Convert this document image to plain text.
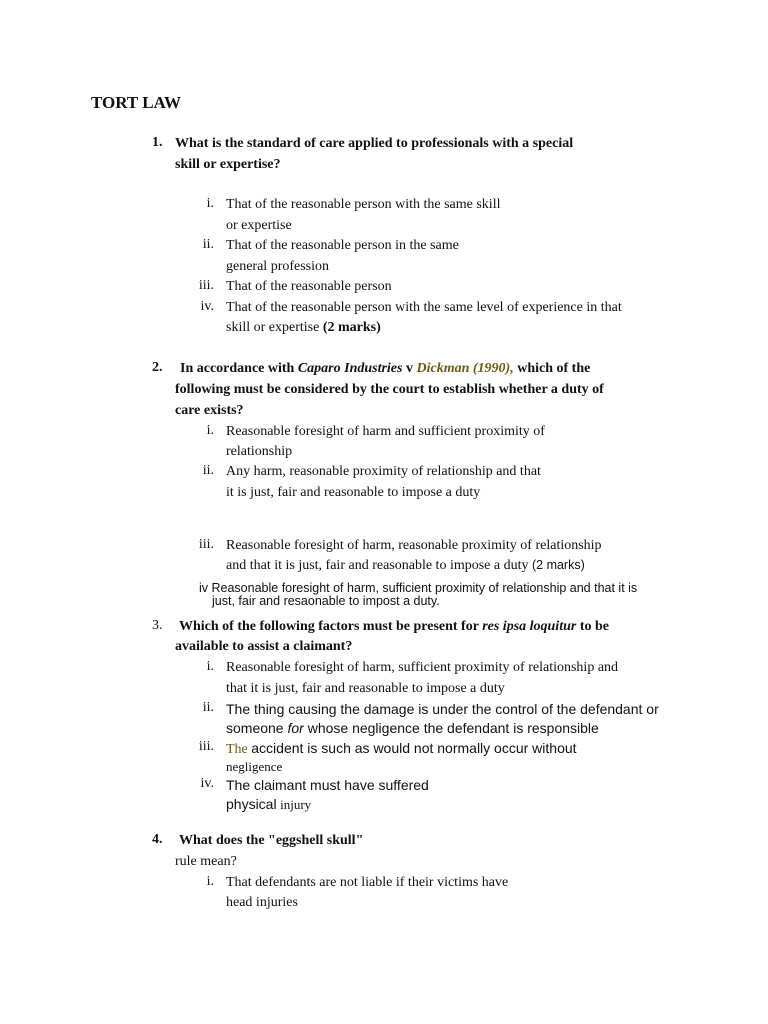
TORT LAW
1. What is the standard of care applied to professionals with a special
skill or expertise?
i. That of the reasonable person with the same skill
or expertise
ii. That of the reasonable person in the same
general profession
iii. That of the reasonable person
iv. That of the reasonable person with the same level of experience in that
skill or expertise (2 marks)
2. In accordance with Caparo Industries v Dickman (1990), which of the
following must be considered by the court to establish whether a duty of
care exists?
i. Reasonable foresight of harm and sufficient proximity of
relationship
ii. Any harm, reasonable proximity of relationship and that
it is just, fair and reasonable to impose a duty
iii. Reasonable foresight of harm, reasonable proximity of relationship
and that it is just, fair and reasonable to impose a duty (2 marks)
iv Reasonable foresight of harm, sufficient proximity of relationship and that it is
just, fair and resaonable to impost a duty.
3. Which of the following factors must be present for res ipsa loquitur to be
available to assist a claimant?
i. Reasonable foresight of harm, sufficient proximity of relationship and
that it is just, fair and reasonable to impose a duty
ii. The thing causing the damage is under the control of the defendant or
someone for whose negligence the defendant is responsible
iii. The accident is such as would not normally occur without
negligence
iv. The claimant must have suffered
physical injury
4. What does the "eggshell skull"
rule mean?
i. That defendants are not liable if their victims have
head injuries
